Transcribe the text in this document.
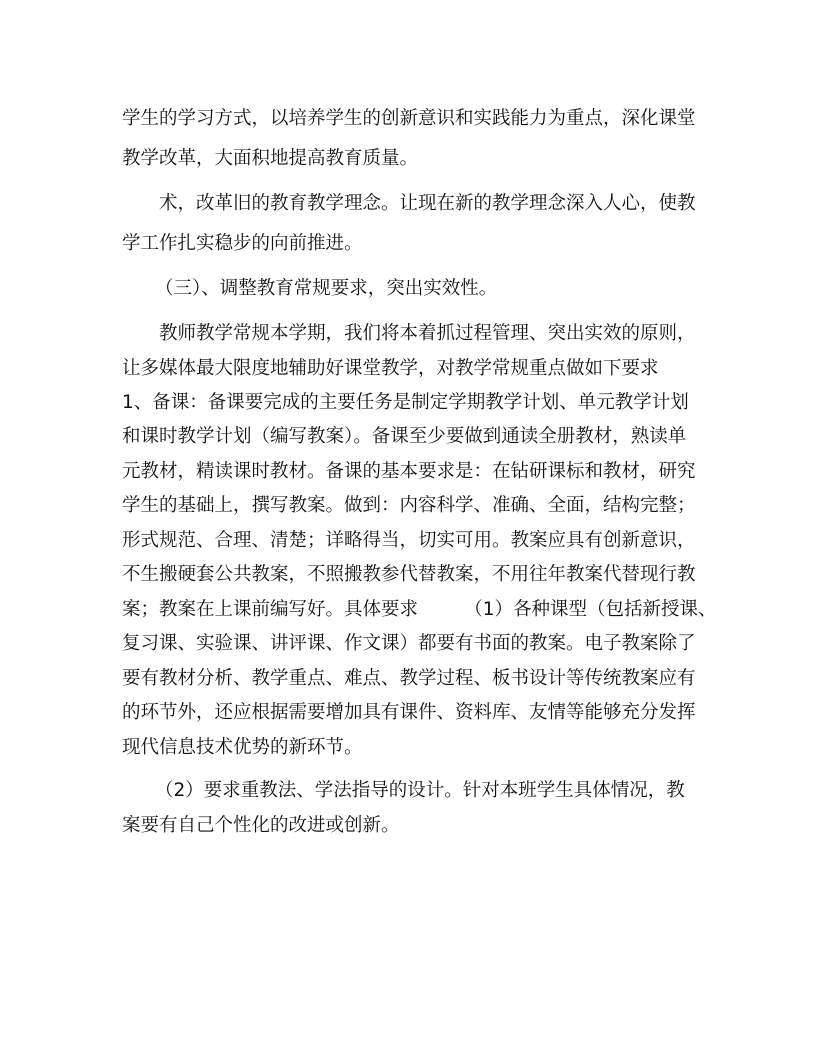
学生的学习方式，以培养学生的创新意识和实践能力为重点，深化课堂
教学改革，大面积地提高教育质量。
术，改革旧的教育教学理念。让现在新的教学理念深入人心，使教
学工作扎实稳步的向前推进。
（三）、调整教育常规要求，突出实效性。
教师教学常规本学期，我们将本着抓过程管理、突出实效的原则，
让多媒体最大限度地辅助好课堂教学，对教学常规重点做如下要求
1、备课：备课要完成的主要任务是制定学期教学计划、单元教学计划
和课时教学计划（编写教案）。备课至少要做到通读全册教材，熟读单
元教材，精读课时教材。备课的基本要求是：在钻研课标和教材，研究
学生的基础上，撰写教案。做到：内容科学、准确、全面，结构完整；
形式规范、合理、清楚；详略得当，切实可用。教案应具有创新意识，
不生搬硬套公共教案，不照搬教参代替教案，不用往年教案代替现行教
案；教案在上课前编写好。具体要求　　　（1）各种课型（包括新授课、
复习课、实验课、讲评课、作文课）都要有书面的教案。电子教案除了
要有教材分析、教学重点、难点、教学过程、板书设计等传统教案应有
的环节外，还应根据需要增加具有课件、资料库、友情等能够充分发挥
现代信息技术优势的新环节。
（2）要求重教法、学法指导的设计。针对本班学生具体情况，教
案要有自己个性化的改进或创新。
